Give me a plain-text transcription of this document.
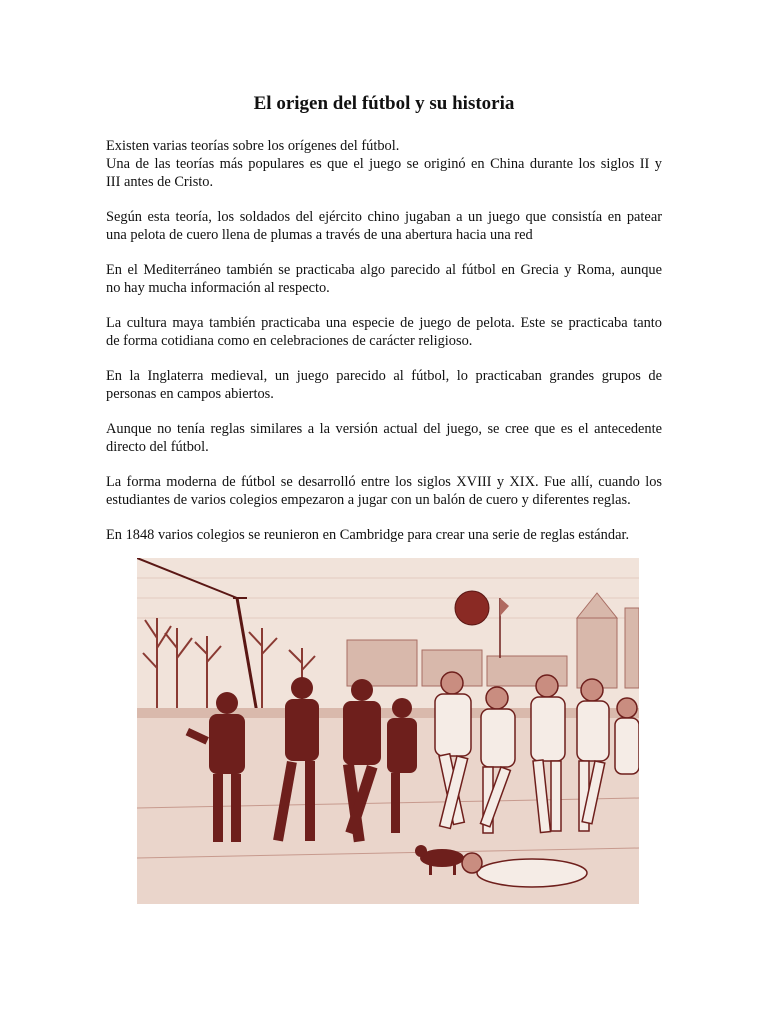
El origen del fútbol y su historia

Existen varias teorías sobre los orígenes del fútbol.
Una de las teorías más populares es que el juego se originó en China durante los siglos II y
III antes de Cristo.

Según esta teoría, los soldados del ejército chino jugaban a un juego que consistía en patear
una pelota de cuero llena de plumas a través de una abertura hacia una red

En el Mediterráneo también se practicaba algo parecido al fútbol en Grecia y Roma, aunque
no hay mucha información al respecto.

La cultura maya también practicaba una especie de juego de pelota. Este se practicaba tanto
de forma cotidiana como en celebraciones de carácter religioso.

En la Inglaterra medieval, un juego parecido al fútbol, lo practicaban grandes grupos de
personas en campos abiertos.

Aunque no tenía reglas similares a la versión actual del juego, se cree que es el antecedente
directo del fútbol.

La forma moderna de fútbol se desarrolló entre los siglos XVIII y XIX. Fue allí, cuando los
estudiantes de varios colegios empezaron a jugar con un balón de cuero y diferentes reglas.

En 1848 varios colegios se reunieron en Cambridge para crear una serie de reglas estándar.
